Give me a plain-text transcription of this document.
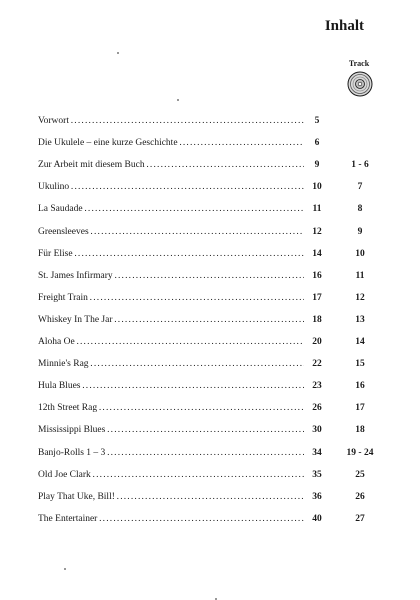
Inhalt
Track
Vorwort . . .	5
Die Ukulele – eine kurze Geschichte . . .	6
Zur Arbeit mit diesem Buch . . .	9	1 - 6
Ukulino . . .	10	7
La Saudade . . .	11	8
Greensleeves . . .	12	9
Für Elise . . .	14	10
St. James Infirmary . . .	16	11
Freight Train . . .	17	12
Whiskey In The Jar . . .	18	13
Aloha Oe . . .	20	14
Minnie's Rag . . .	22	15
Hula Blues . . .	23	16
12th Street Rag . . .	26	17
Mississippi Blues . . .	30	18
Banjo-Rolls 1 – 3 . . .	34	19 - 24
Old Joe Clark . . .	35	25
Play That Uke, Bill! . . .	36	26
The Entertainer . . .	40	27
